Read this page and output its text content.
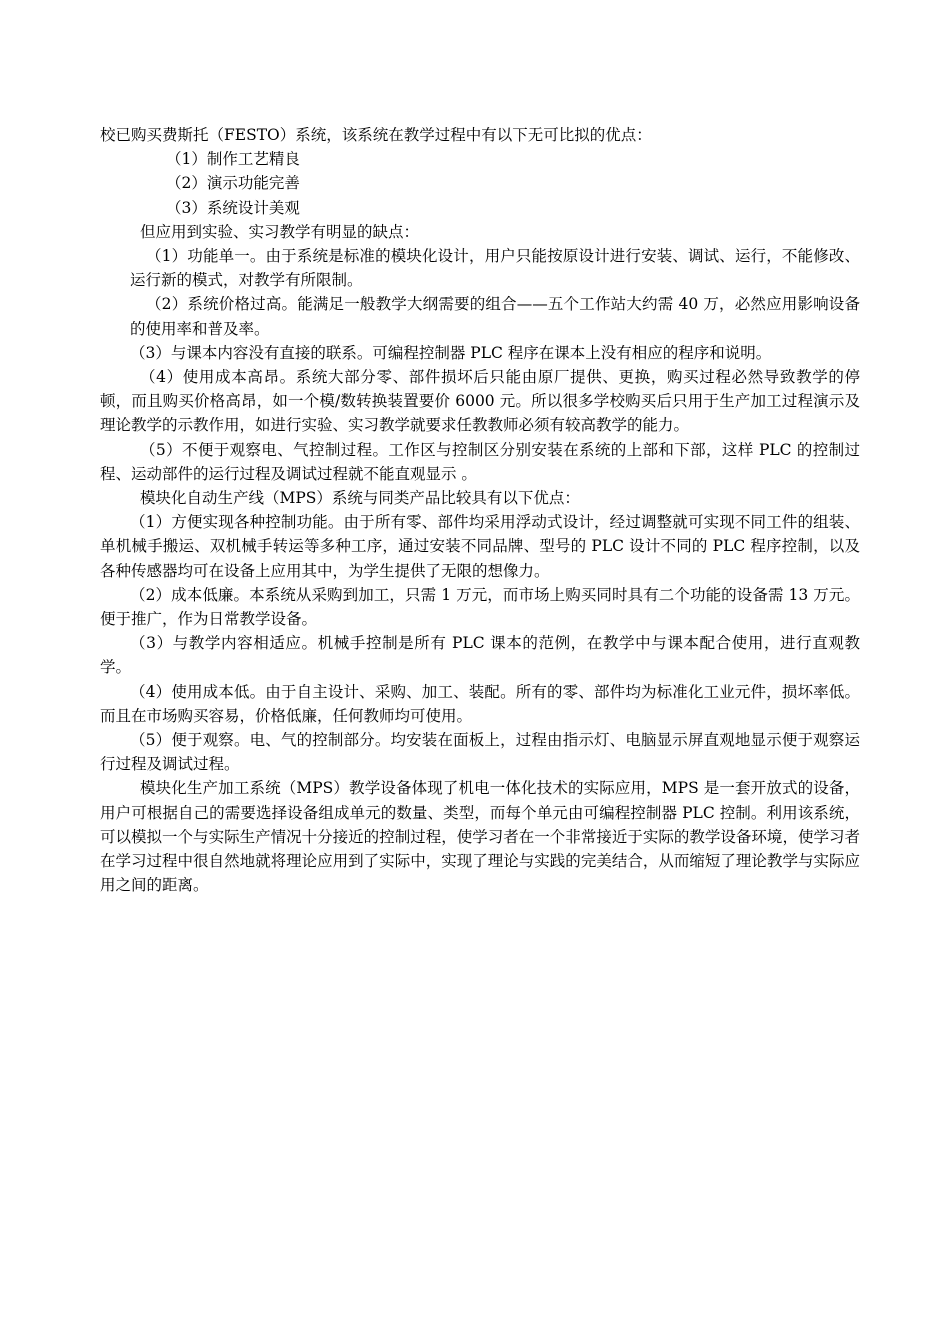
校已购买费斯托（FESTO）系统，该系统在教学过程中有以下无可比拟的优点：

（1）制作工艺精良

（2）演示功能完善

（3）系统设计美观

但应用到实验、实习教学有明显的缺点：

（1）功能单一。由于系统是标准的模块化设计，用户只能按原设计进行安装、调试、运行，不能修改、运行新的模式，对教学有所限制。

（2）系统价格过高。能满足一般教学大纲需要的组合——五个工作站大约需 40 万，必然应用影响设备的使用率和普及率。

（3）与课本内容没有直接的联系。可编程控制器 PLC 程序在课本上没有相应的程序和说明。

（4）使用成本高昂。系统大部分零、部件损坏后只能由原厂提供、更换，购买过程必然导致教学的停顿，而且购买价格高昂，如一个模/数转换装置要价 6000 元。所以很多学校购买后只用于生产加工过程演示及理论教学的示教作用，如进行实验、实习教学就要求任教教师必须有较高教学的能力。

（5）不便于观察电、气控制过程。工作区与控制区分别安装在系统的上部和下部，这样 PLC 的控制过程、运动部件的运行过程及调试过程就不能直观显示 。

模块化自动生产线（MPS）系统与同类产品比较具有以下优点：

（1）方便实现各种控制功能。由于所有零、部件均采用浮动式设计，经过调整就可实现不同工件的组装、单机械手搬运、双机械手转运等多种工序，通过安装不同品牌、型号的 PLC 设计不同的 PLC 程序控制，以及各种传感器均可在设备上应用其中，为学生提供了无限的想像力。

（2）成本低廉。本系统从采购到加工，只需 1 万元，而市场上购买同时具有二个功能的设备需 13 万元。便于推广，作为日常教学设备。

（3）与教学内容相适应。机械手控制是所有 PLC 课本的范例，在教学中与课本配合使用，进行直观教学。

（4）使用成本低。由于自主设计、采购、加工、装配。所有的零、部件均为标准化工业元件，损坏率低。而且在市场购买容易，价格低廉，任何教师均可使用。

（5）便于观察。电、气的控制部分。均安装在面板上，过程由指示灯、电脑显示屏直观地显示便于观察运行过程及调试过程。

模块化生产加工系统（MPS）教学设备体现了机电一体化技术的实际应用，MPS 是一套开放式的设备，用户可根据自己的需要选择设备组成单元的数量、类型，而每个单元由可编程控制器 PLC 控制。利用该系统，可以模拟一个与实际生产情况十分接近的控制过程，使学习者在一个非常接近于实际的教学设备环境，使学习者在学习过程中很自然地就将理论应用到了实际中，实现了理论与实践的完美结合，从而缩短了理论教学与实际应用之间的距离。
